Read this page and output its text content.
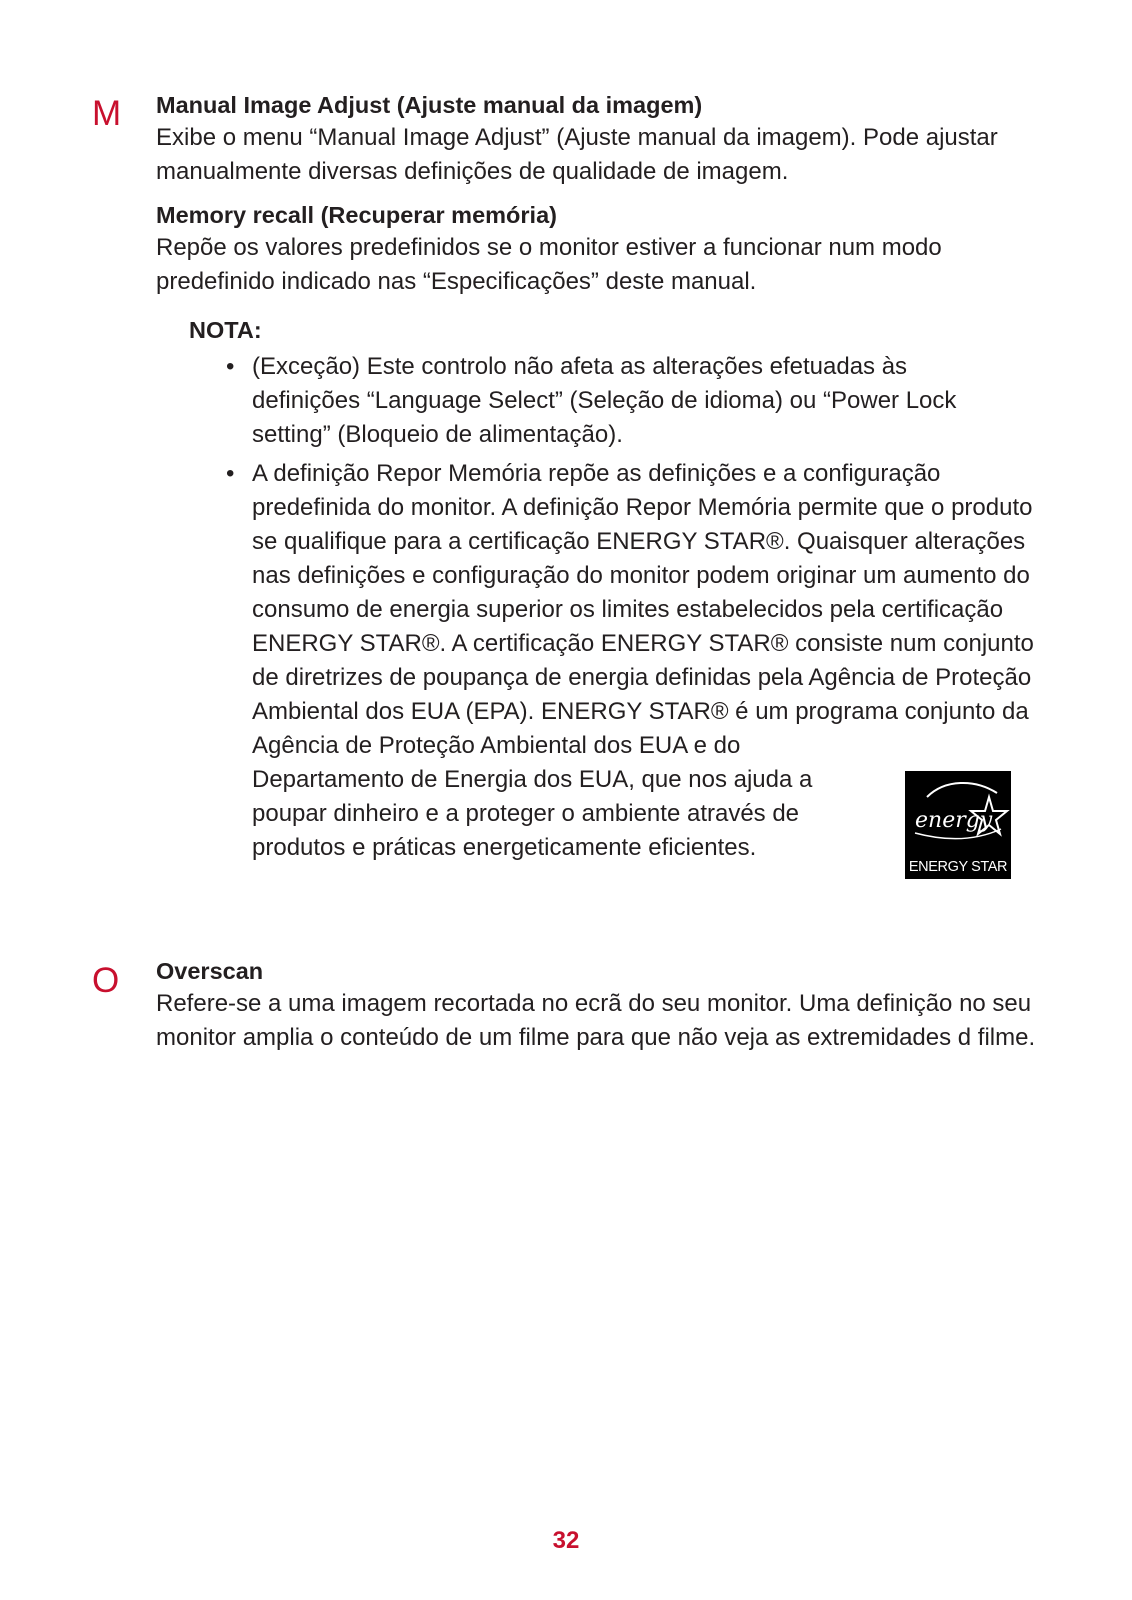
M	Manual Image Adjust (Ajuste manual da imagem)
Exibe o menu “Manual Image Adjust” (Ajuste manual da imagem). Pode ajustar manualmente diversas definições de qualidade de imagem.
Memory recall (Recuperar memória)
Repõe os valores predefinidos se o monitor estiver a funcionar num modo predefinido indicado nas “Especificações” deste manual.
NOTA:
• (Exceção) Este controlo não afeta as alterações efetuadas às definições “Language Select” (Seleção de idioma) ou “Power Lock setting” (Bloqueio de alimentação).
• A definição Repor Memória repõe as definições e a configuração predefinida do monitor. A definição Repor Memória permite que o produto se qualifique para a certificação ENERGY STAR®. Quaisquer alterações nas definições e configuração do monitor podem originar um aumento do consumo de energia superior os limites estabelecidos pela certificação ENERGY STAR®. A certificação ENERGY STAR® consiste num conjunto de diretrizes de poupança de energia definidas pela Agência de Proteção Ambiental dos EUA (EPA). ENERGY STAR® é um programa conjunto da Agência de Proteção Ambiental dos EUA e do Departamento de Energia dos EUA, que nos ajuda a poupar dinheiro e a proteger o ambiente através de produtos e práticas energeticamente eficientes.
energy
ENERGY STAR
O	Overscan
Refere-se a uma imagem recortada no ecrã do seu monitor. Uma definição no seu monitor amplia o conteúdo de um filme para que não veja as extremidades d filme.
32
